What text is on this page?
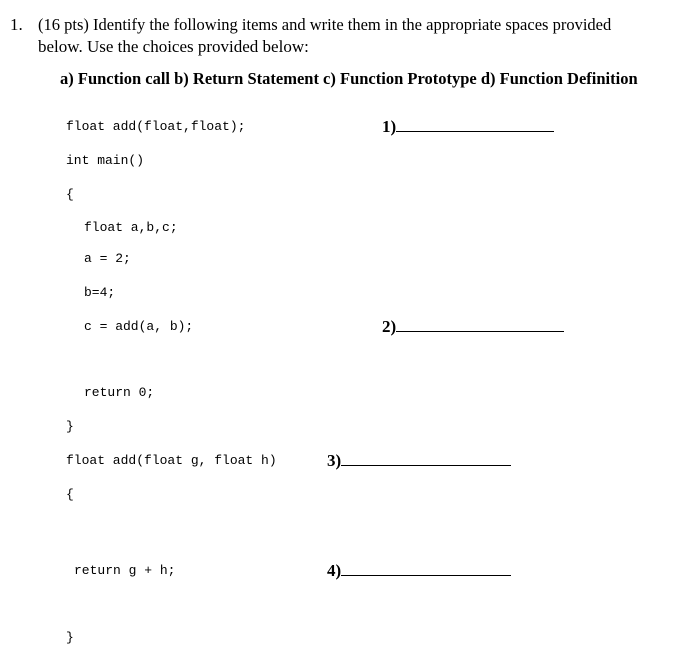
1. (16 pts) Identify the following items and write them in the appropriate spaces provided
below. Use the choices provided below:
a) Function call b) Return Statement c) Function Prototype d) Function Definition
float add(float,float);
int main()
{
float a,b,c;
a = 2;
b=4;
c = add(a, b);
return 0;
}
float add(float g, float h)
{
return g + h;
}
1)
2)
3)
4)
